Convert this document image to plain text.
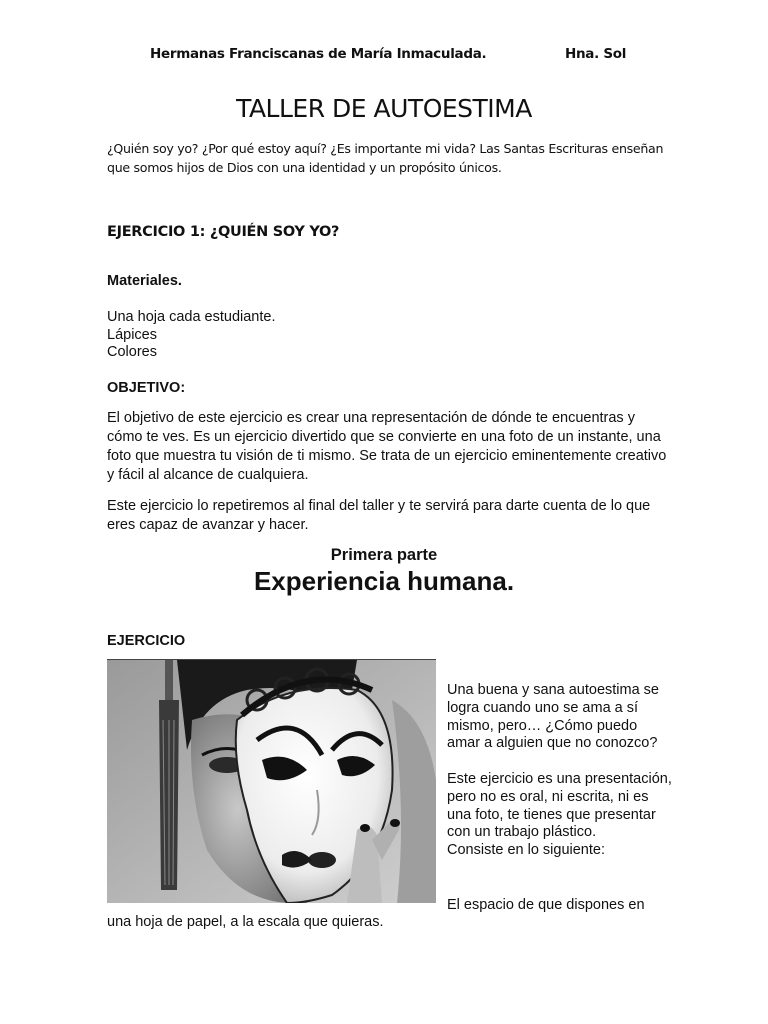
Hermanas Franciscanas de María Inmaculada.	Hna. Sol
TALLER DE AUTOESTIMA
¿Quién soy yo? ¿Por qué estoy aquí? ¿Es importante mi vida? Las Santas Escrituras enseñan que somos hijos de Dios con una identidad y un propósito únicos.
EJERCICIO 1: ¿QUIÉN SOY YO?
Materiales.
Una hoja cada estudiante.
Lápices
Colores
OBJETIVO:
El objetivo de este ejercicio es crear una representación de dónde te encuentras y cómo te ves. Es un ejercicio divertido que se convierte en una foto de un instante, una foto que muestra tu visión de ti mismo. Se trata de un ejercicio eminentemente creativo y fácil al alcance de cualquiera.
Este ejercicio lo repetiremos al final del taller y te servirá para darte cuenta de lo que eres capaz de avanzar y hacer.
Primera parte
Experiencia humana.
EJERCICIO

Una buena y sana autoestima se logra cuando uno se ama a sí mismo, pero… ¿Cómo puedo amar a alguien que no conozco?

Este ejercicio es una presentación, pero no es oral, ni escrita, ni es una foto, te tienes que presentar con un trabajo plástico.

Consiste en lo siguiente:

El espacio de que dispones en
una hoja de papel, a la escala que quieras.
